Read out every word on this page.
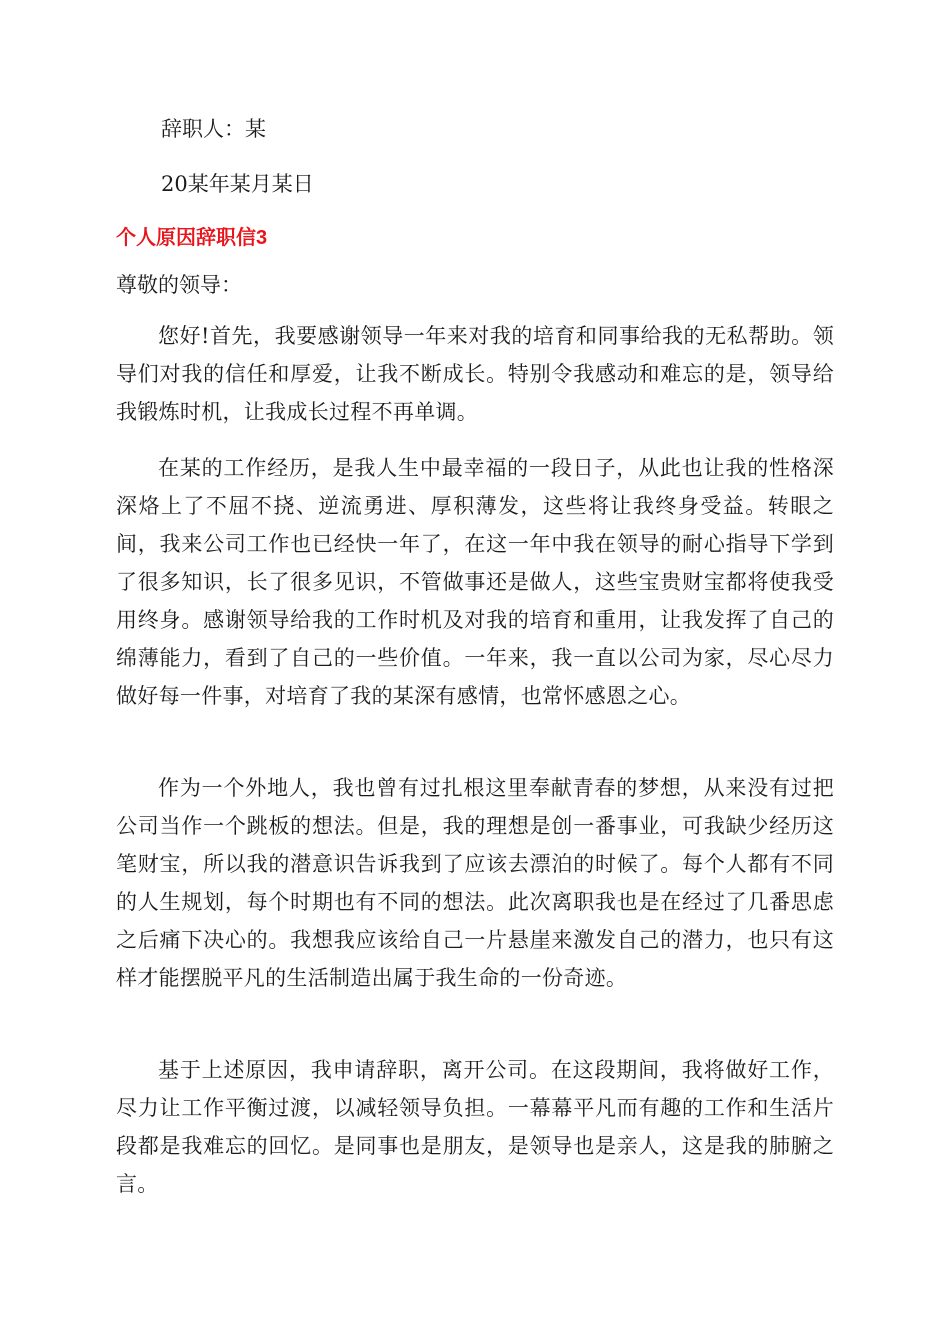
辞职人：某

20某年某月某日

个人原因辞职信3

尊敬的领导：

您好!首先，我要感谢领导一年来对我的培育和同事给我的无私帮助。领导们对我的信任和厚爱，让我不断成长。特别令我感动和难忘的是，领导给我锻炼时机，让我成长过程不再单调。

在某的工作经历，是我人生中最幸福的一段日子，从此也让我的性格深深烙上了不屈不挠、逆流勇进、厚积薄发，这些将让我终身受益。转眼之间，我来公司工作也已经快一年了，在这一年中我在领导的耐心指导下学到了很多知识，长了很多见识，不管做事还是做人，这些宝贵财宝都将使我受用终身。感谢领导给我的工作时机及对我的培育和重用，让我发挥了自己的绵薄能力，看到了自己的一些价值。一年来，我一直以公司为家，尽心尽力做好每一件事，对培育了我的某深有感情，也常怀感恩之心。

作为一个外地人，我也曾有过扎根这里奉献青春的梦想，从来没有过把公司当作一个跳板的想法。但是，我的理想是创一番事业，可我缺少经历这笔财宝，所以我的潜意识告诉我到了应该去漂泊的时候了。每个人都有不同的人生规划，每个时期也有不同的想法。此次离职我也是在经过了几番思虑之后痛下决心的。我想我应该给自己一片悬崖来激发自己的潜力，也只有这样才能摆脱平凡的生活制造出属于我生命的一份奇迹。

基于上述原因，我申请辞职，离开公司。在这段期间，我将做好工作，尽力让工作平衡过渡，以减轻领导负担。一幕幕平凡而有趣的工作和生活片段都是我难忘的回忆。是同事也是朋友，是领导也是亲人，这是我的肺腑之言。
